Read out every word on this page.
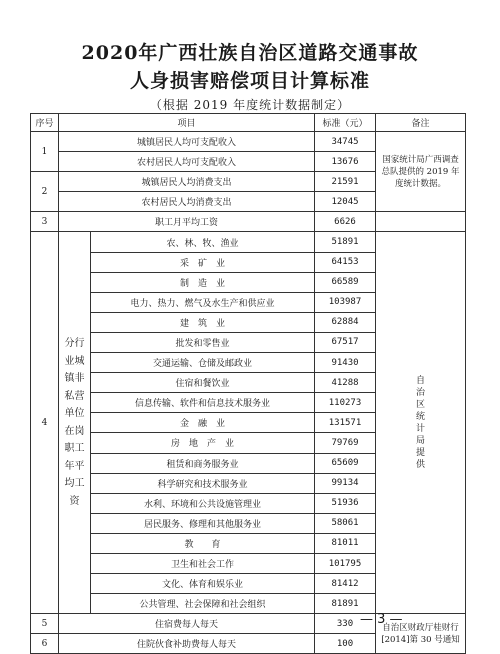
2020年广西壮族自治区道路交通事故
人身损害赔偿项目计算标准
（根据 2019 年度统计数据制定）
序号	项目		标准（元）	备注
1	城镇居民人均可支配收入		34745	国家统计局广西调查总队提供的 2019 年度统计数据。
	农村居民人均可支配收入		13676	
2	城镇居民人均消费支出		21591	
	农村居民人均消费支出		12045	
3	职工月平均工资		6626	
4	分行业城镇非私营单位在岗职工年平均工资	农、林、牧、渔业	51891	自治区统计局提供
		采　矿　业	64153	
		制　造　业	66589	
		电力、热力、燃气及水生产和供应业	103987	
		建　筑　业	62884	
		批发和零售业	67517	
		交通运输、仓储及邮政业	91430	
		住宿和餐饮业	41288	
		信息传输、软件和信息技术服务业	110273	
		金　融　业	131571	
		房　地　产　业	79769	
		租赁和商务服务业	65609	
		科学研究和技术服务业	99134	
		水利、环境和公共设施管理业	51936	
		居民服务、修理和其他服务业	58061	
		教　　育	81011	
		卫生和社会工作	101795	
		文化、体育和娱乐业	81412	
		公共管理、社会保障和社会组织	81891	
5	住宿费每人每天		330	自治区财政厅桂财行[2014]第 30 号通知
6	住院伙食补助费每人每天		100	
— 3 —
